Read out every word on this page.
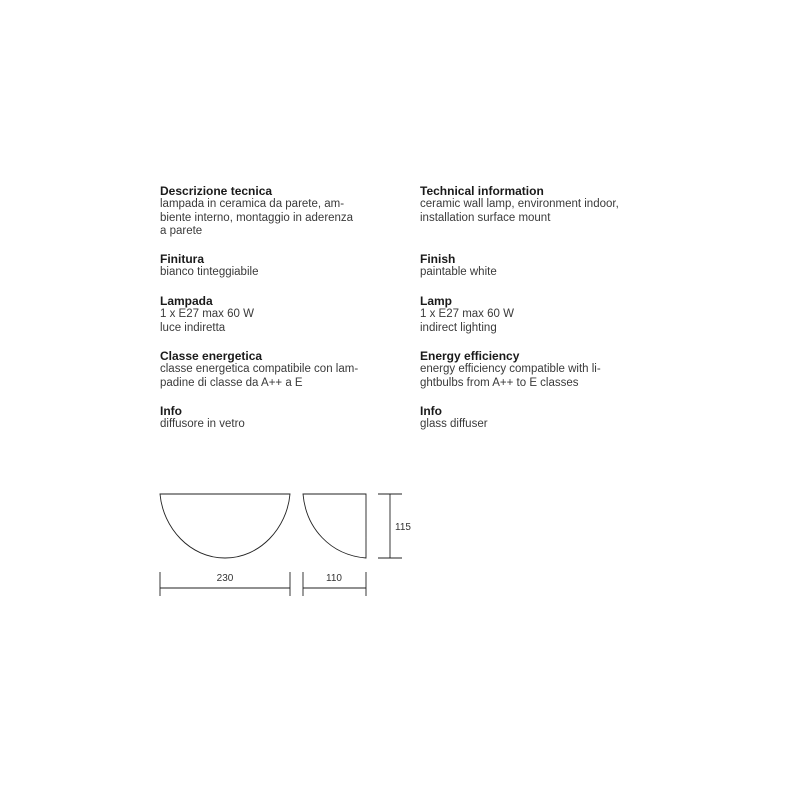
Descrizione tecnica
lampada in ceramica da parete, am-
biente interno, montaggio in aderenza
a parete
Finitura
bianco tinteggiabile
Lampada
1 x E27 max 60 W
luce indiretta
Classe energetica
classe energetica compatibile con lam-
padine di classe da A++ a E
Info
diffusore in vetro
Technical information
ceramic wall lamp, environment indoor,
installation surface mount
Finish
paintable white
Lamp
1 x E27 max 60 W
indirect lighting
Energy efficiency
energy efficiency compatible with li-
ghtbulbs from A++ to E classes
Info
glass diffuser
230	110
115
